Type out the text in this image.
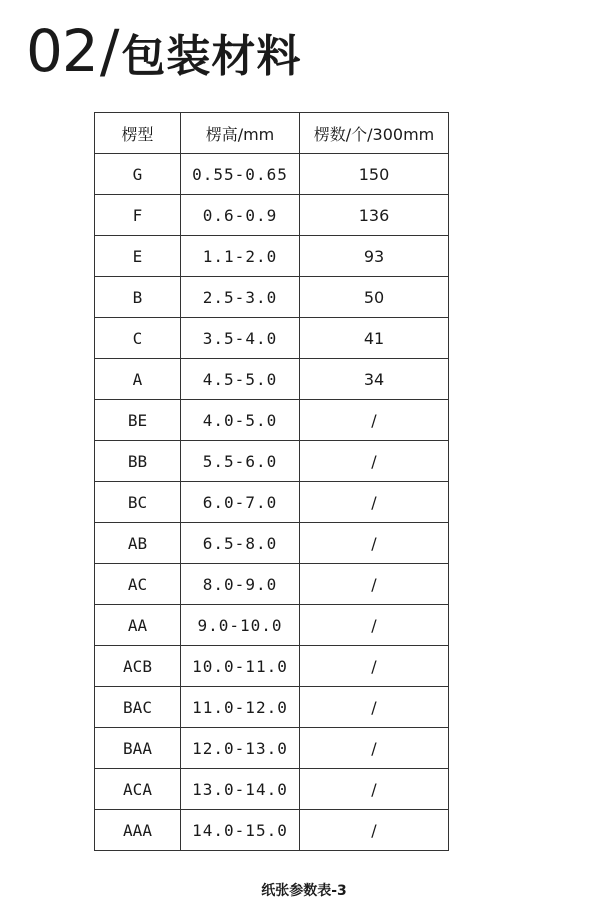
02 / 包装材料
楞型	楞高/mm	楞数/个/300mm
G	0.55-0.65	150
F	0.6-0.9	136
E	1.1-2.0	93
B	2.5-3.0	50
C	3.5-4.0	41
A	4.5-5.0	34
BE	4.0-5.0	/
BB	5.5-6.0	/
BC	6.0-7.0	/
AB	6.5-8.0	/
AC	8.0-9.0	/
AA	9.0-10.0	/
ACB	10.0-11.0	/
BAC	11.0-12.0	/
BAA	12.0-13.0	/
ACA	13.0-14.0	/
AAA	14.0-15.0	/
纸张参数表-3
